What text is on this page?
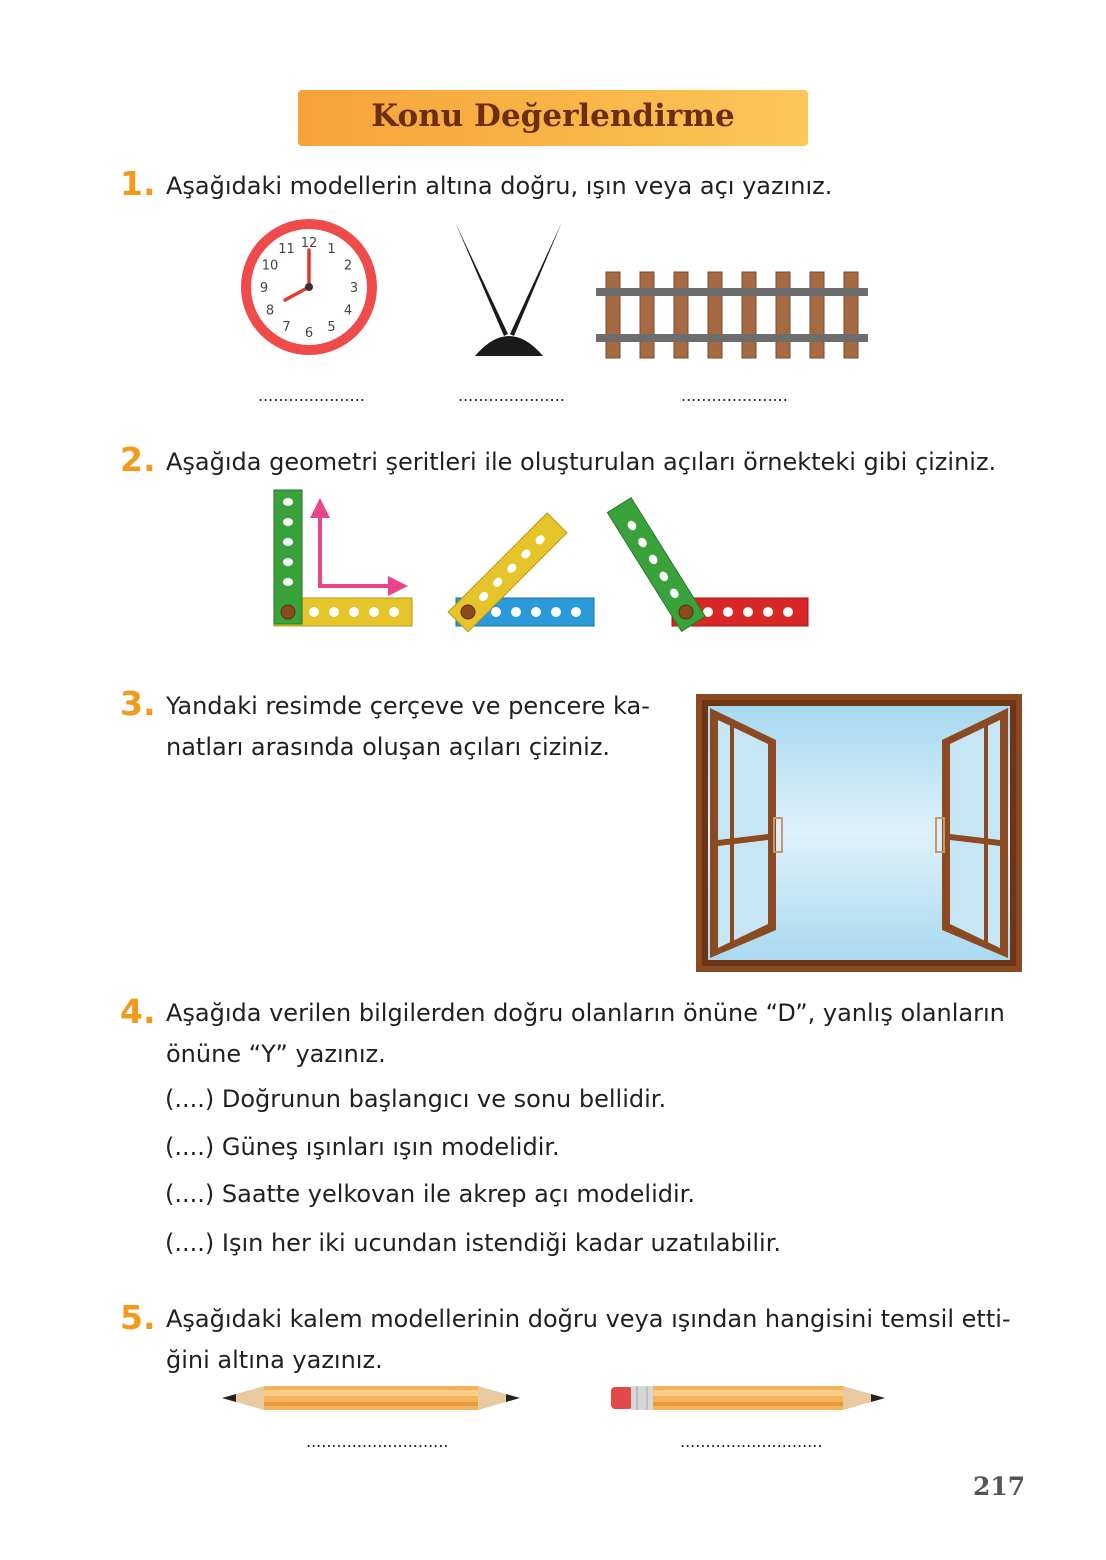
Konu Değerlendirme
1. Aşağıdaki modellerin altına doğru, ışın veya açı yazınız.
12 1
2
3
4
5
6
7
8
9
10
11
.....................	.....................	.....................
2. Aşağıda geometri şeritleri ile oluşturulan açıları örnekteki gibi çiziniz.
3. Yandaki resimde çerçeve ve pencere ka-
natları arasında oluşan açıları çiziniz.
4. Aşağıda verilen bilgilerden doğru olanların önüne “D”, yanlış olanların
önüne “Y” yazınız.
(....) Doğrunun başlangıcı ve sonu bellidir.
(....) Güneş ışınları ışın modelidir.
(....) Saatte yelkovan ile akrep açı modelidir.
(....) Işın her iki ucundan istendiği kadar uzatılabilir.
5. Aşağıdaki kalem modellerinin doğru veya ışından hangisini temsil etti-
ğini altına yazınız.
............................	............................
217
